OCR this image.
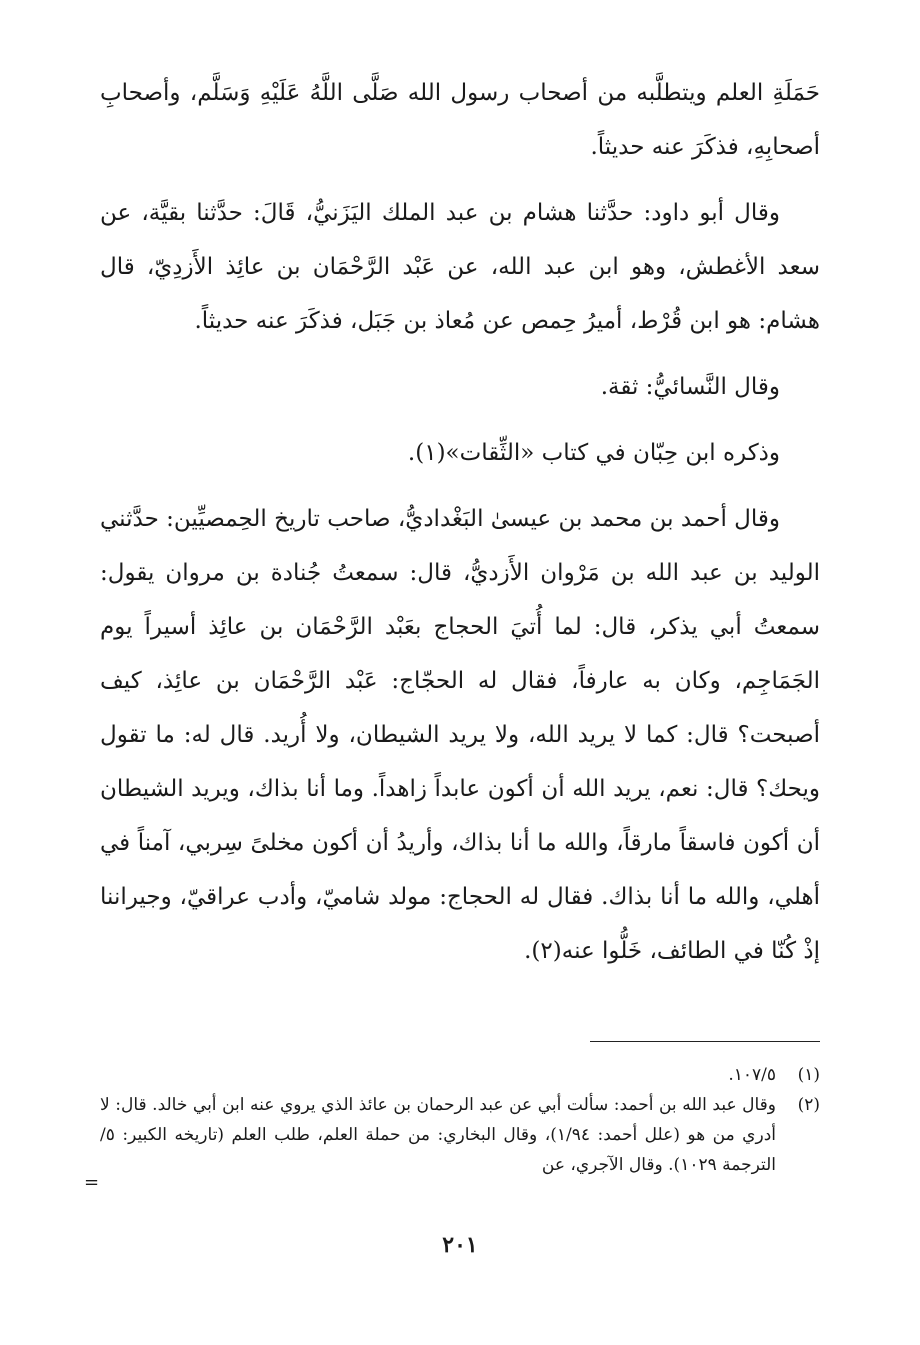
حَمَلَةِ العلم ويتطلَّبه من أصحاب رسول الله صَلَّى اللَّهُ عَلَيْهِ وَسَلَّم، وأصحابِ أصحابِهِ، فذكَرَ عنه حديثاً.

وقال أبو داود: حدَّثنا هشام بن عبد الملك اليَزَنيُّ، قَالَ: حدَّثنا بقيَّة، عن سعد الأغطش، وهو ابن عبد الله، عن عَبْد الرَّحْمَان بن عائِذ الأَزدِيّ، قال هشام: هو ابن قُرْط، أميرُ حِمص عن مُعاذ بن جَبَل، فذكَرَ عنه حديثاً.

وقال النَّسائيُّ: ثقة.

وذكره ابن حِبّان في كتاب «الثِّقات»(١).

وقال أحمد بن محمد بن عيسىٰ البَغْداديُّ، صاحب تاريخ الحِمصيِّين: حدَّثني الوليد بن عبد الله بن مَرْوان الأَزديُّ، قال: سمعتُ جُنادة بن مروان يقول: سمعتُ أبي يذكر، قال: لما أُتيَ الحجاج بعَبْد الرَّحْمَان بن عائِذ أسيراً يوم الجَمَاجِم، وكان به عارفاً، فقال له الحجّاج: عَبْد الرَّحْمَان بن عائِذ، كيف أصبحت؟ قال: كما لا يريد الله، ولا يريد الشيطان، ولا أُريد. قال له: ما تقول ويحك؟ قال: نعم، يريد الله أن أكون عابداً زاهداً. وما أنا بذاك، ويريد الشيطان أن أكون فاسقاً مارقاً، والله ما أنا بذاك، وأريدُ أن أكون مخلىً سِربي، آمناً في أهلي، والله ما أنا بذاك. فقال له الحجاج: مولد شاميّ، وأدب عراقيّ، وجيراننا إذْ كُنّا في الطائف، خَلُّوا عنه(٢).

(١)
١٠٧/٥.
(٢)
وقال عبد الله بن أحمد: سألت أبي عن عبد الرحمان بن عائذ الذي يروي عنه ابن أبي خالد. قال: لا أدري من هو (علل أحمد: ١/٩٤)، وقال البخاري: من حملة العلم، طلب العلم (تاريخه الكبير: ٥/الترجمة ١٠٢٩). وقال الآجري، عن
=
٢٠١
